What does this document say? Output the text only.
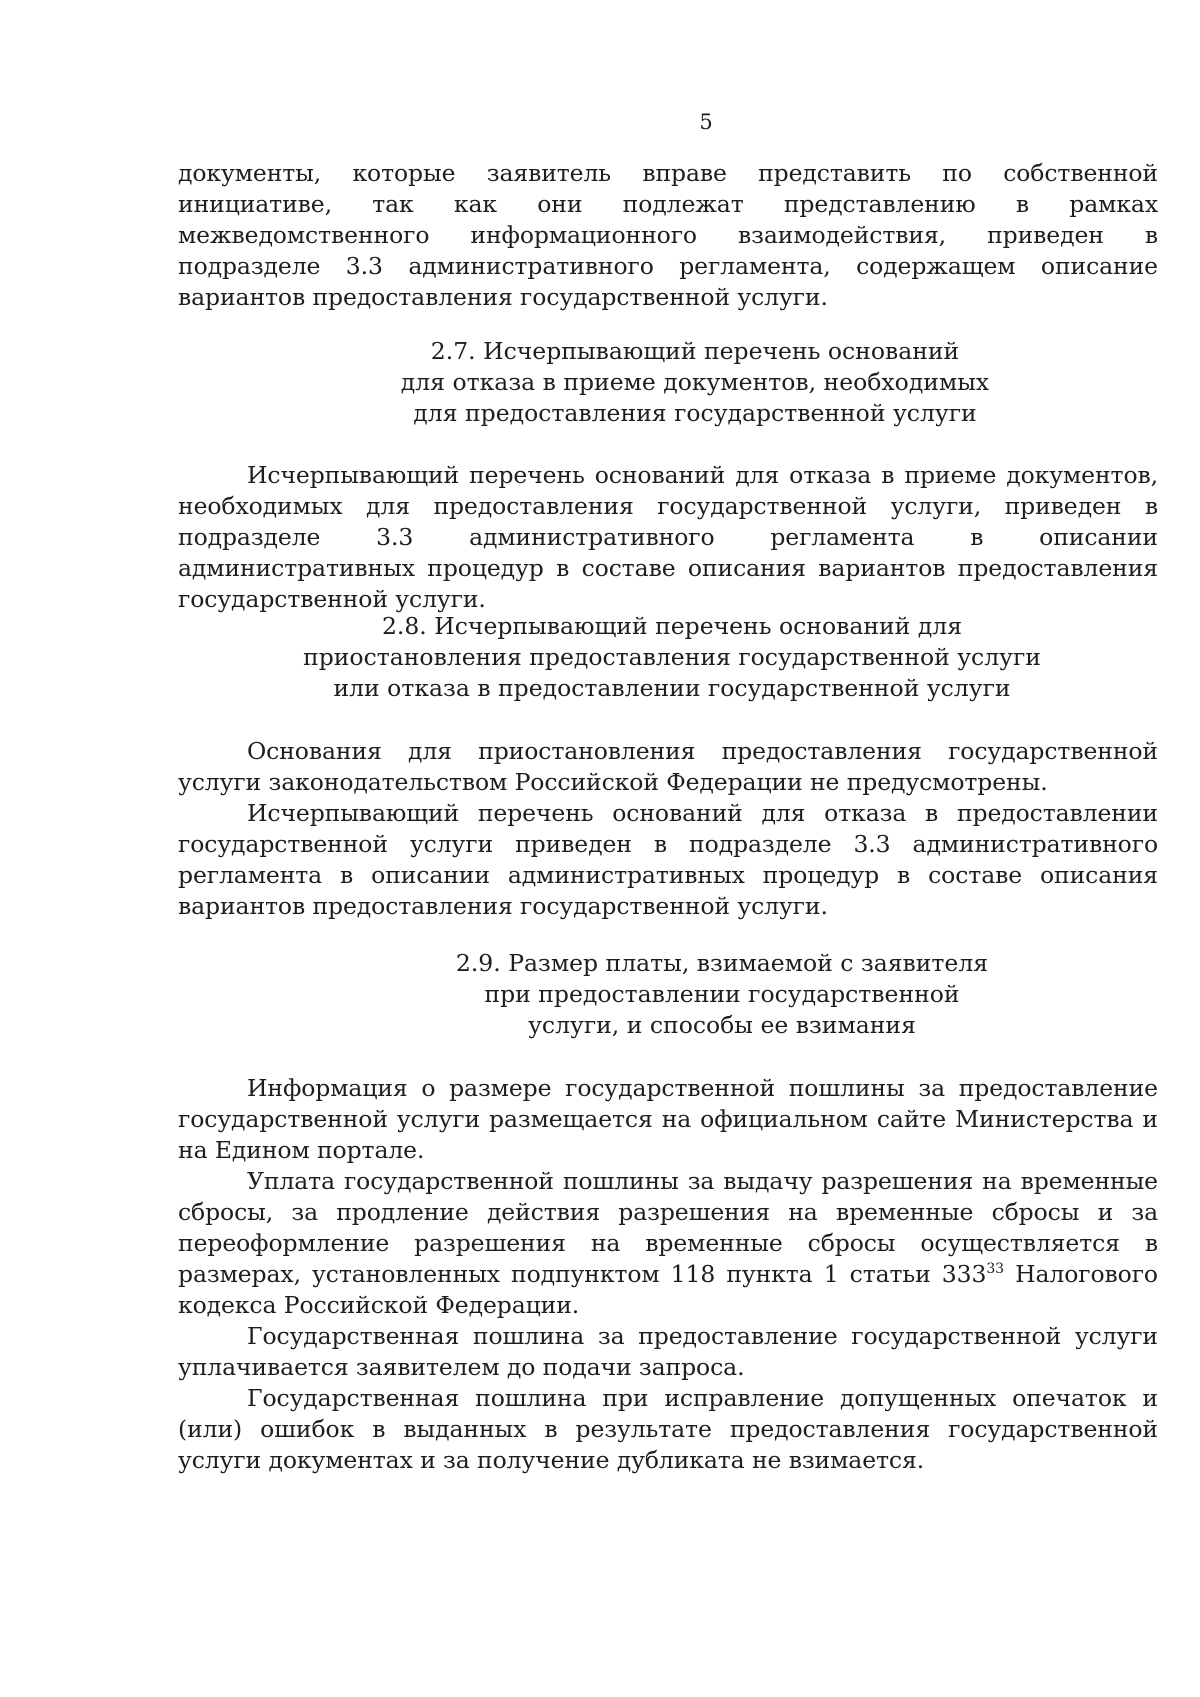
5

документы, которые заявитель вправе представить по собственной инициативе, так как они подлежат представлению в рамках межведомственного информационного взаимодействия, приведен в подразделе 3.3 административного регламента, содержащем описание вариантов предоставления государственной услуги.

2.7. Исчерпывающий перечень оснований
для отказа в приеме документов, необходимых
для предоставления государственной услуги

Исчерпывающий перечень оснований для отказа в приеме документов, необходимых для предоставления государственной услуги, приведен в подразделе 3.3 административного регламента в описании административных процедур в составе описания вариантов предоставления государственной услуги.

2.8. Исчерпывающий перечень оснований для
приостановления предоставления государственной услуги
или отказа в предоставлении государственной услуги

Основания для приостановления предоставления государственной услуги законодательством Российской Федерации не предусмотрены.

Исчерпывающий перечень оснований для отказа в предоставлении государственной услуги приведен в подразделе 3.3 административного регламента в описании административных процедур в составе описания вариантов предоставления государственной услуги.

2.9. Размер платы, взимаемой с заявителя
при предоставлении государственной
услуги, и способы ее взимания

Информация о размере государственной пошлины за предоставление государственной услуги размещается на официальном сайте Министерства и на Едином портале.

Уплата государственной пошлины за выдачу разрешения на временные сбросы, за продление действия разрешения на временные сбросы и за переоформление разрешения на временные сбросы осуществляется в размерах, установленных подпунктом 118 пункта 1 статьи $333^{33}$ Налогового кодекса Российской Федерации.

Государственная пошлина за предоставление государственной услуги уплачивается заявителем до подачи запроса.

Государственная пошлина при исправление допущенных опечаток и (или) ошибок в выданных в результате предоставления государственной услуги документах и за получение дубликата не взимается.
